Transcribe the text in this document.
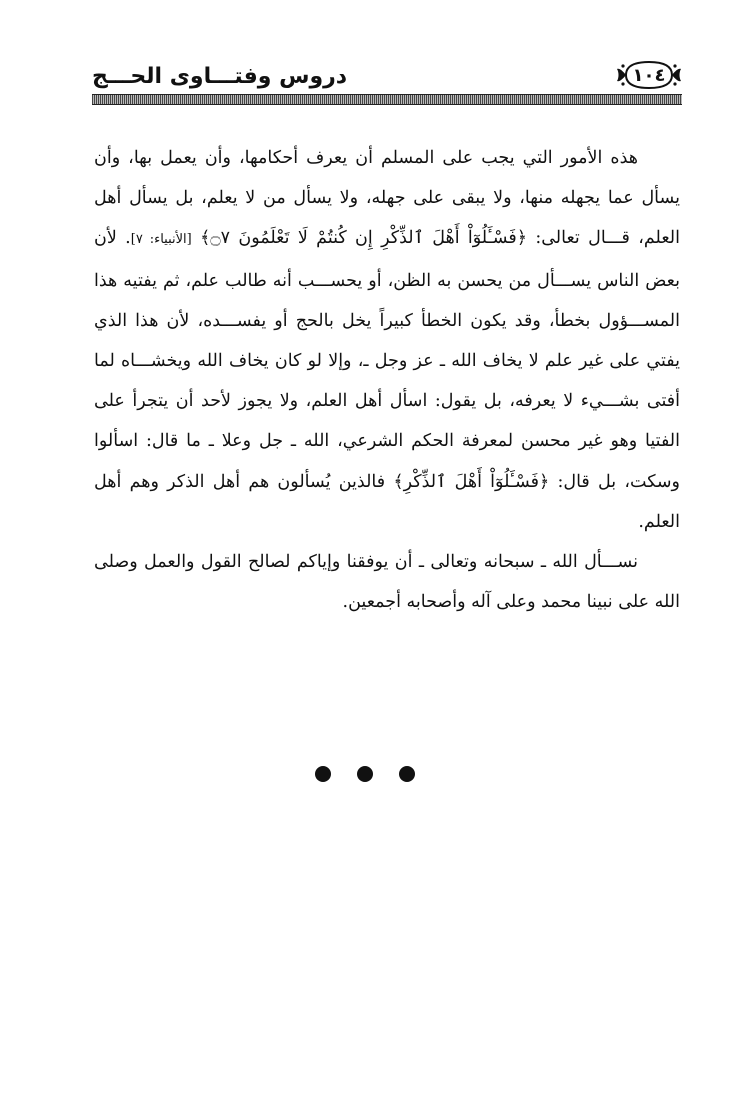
دروس وفتـــاوى الحـــج	١٠٤

هذه الأمور التي يجب على المسلم أن يعرف أحكامها، وأن يعمل بها، وأن يسأل عما يجهله منها، ولا يبقى على جهله، ولا يسأل من لا يعلم، بل يسأل أهل العلم، قـــال تعالى: ﴿فَسْـَٔلُوٓاْ أَهْلَ ٱلذِّكْرِ إِن كُنتُمْ لَا تَعْلَمُونَ ۝٧﴾ [الأنبياء: ٧]. لأن بعض الناس يســـأل من يحسن به الظن، أو يحســـب أنه طالب علم، ثم يفتيه هذا المســـؤول بخطأ، وقد يكون الخطأ كبيراً يخل بالحج أو يفســـده، لأن هذا الذي يفتي على غير علم لا يخاف الله ـ عز وجل ـ، وإلا لو كان يخاف الله ويخشـــاه لما أفتى بشـــيء لا يعرفه، بل يقول: اسأل أهل العلم، ولا يجوز لأحد أن يتجرأ على الفتيا وهو غير محسن لمعرفة الحكم الشرعي، الله ـ جل وعلا ـ ما قال: اسألوا وسكت، بل قال: ﴿فَسْـَٔلُوٓاْ أَهْلَ ٱلذِّكْرِ﴾ فالذين يُسألون هم أهل الذكر وهم أهل العلم.

نســـأل الله ـ سبحانه وتعالى ـ أن يوفقنا وإياكم لصالح القول والعمل وصلى الله على نبينا محمد وعلى آله وأصحابه أجمعين.
